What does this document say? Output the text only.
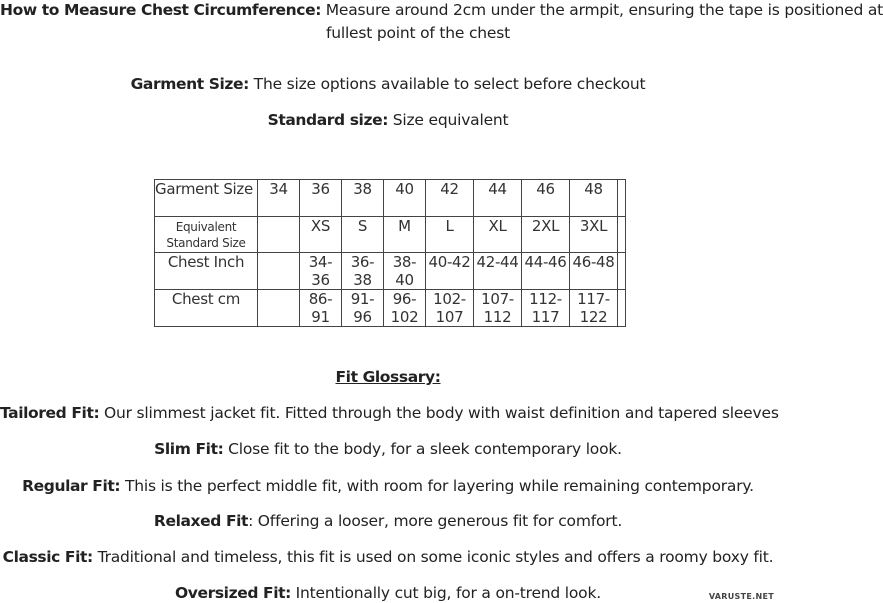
How to Measure Chest Circumference: Measure around 2cm under the armpit, ensuring the tape is positioned at
fullest point of the chest
Garment Size: The size options available to select before checkout
Standard size: Size equivalent
Garment Size	34	36	38	40	42	44	46	48	
Equivalent Standard Size		XS	S	M	L	XL	2XL	3XL	
Chest Inch		34-36	36-38	38-40	40-42	42-44	44-46	46-48	
Chest cm		86-91	91-96	96-102	102-107	107-112	112-117	117-122	
Fit Glossary:
Tailored Fit: Our slimmest jacket fit. Fitted through the body with waist definition and tapered sleeves
Slim Fit: Close fit to the body, for a sleek contemporary look.
Regular Fit: This is the perfect middle fit, with room for layering while remaining contemporary.
Relaxed Fit: Offering a looser, more generous fit for comfort.
Classic Fit: Traditional and timeless, this fit is used on some iconic styles and offers a roomy boxy fit.
Oversized Fit: Intentionally cut big, for a on-trend look.	VARUSTE.NET
